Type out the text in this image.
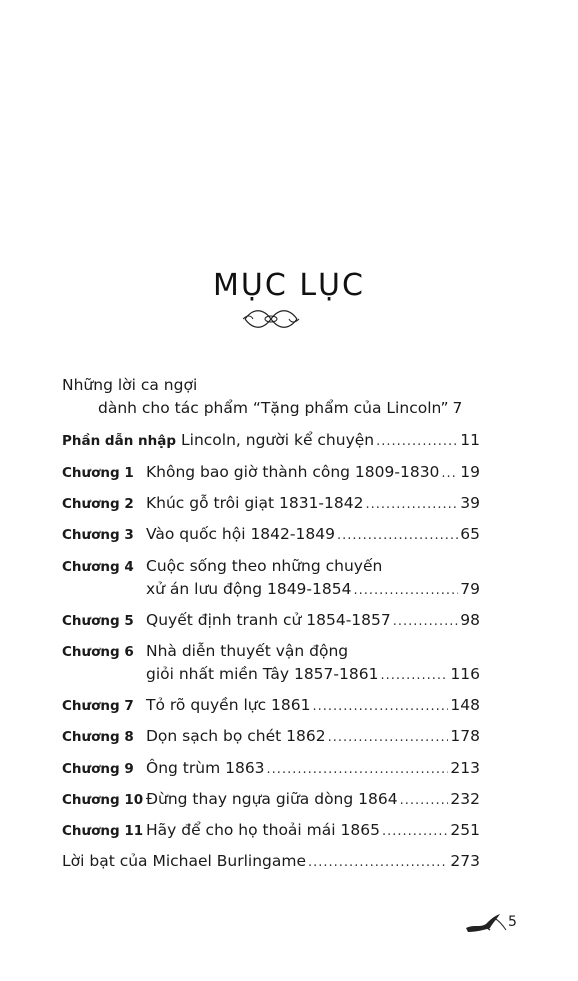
MỤC LỤC
Những lời ca ngợi
dành cho tác phẩm “Tặng phẩm của Lincoln” 7
Phần dẫn nhập Lincoln, người kể chuyện .....	11
Chương 1 Không bao giờ thành công 1809-1830 ..... 19
Chương 2 Khúc gỗ trôi giạt 1831-1842 .....	39
Chương 3 Vào quốc hội 1842-1849 .....	65
Chương 4 Cuộc sống theo những chuyến
xử án lưu động 1849-1854 .....	79
Chương 5 Quyết định tranh cử 1854-1857 .....	98
Chương 6 Nhà diễn thuyết vận động
giỏi nhất miền Tây 1857-1861 .....	116
Chương 7 Tỏ rõ quyền lực 1861 .....	148
Chương 8 Dọn sạch bọ chét 1862 .....	178
Chương 9 Ông trùm 1863 .....	213
Chương 10 Đừng thay ngựa giữa dòng 1864 .....	232
Chương 11 Hãy để cho họ thoải mái 1865 .....	251
Lời bạt của Michael Burlingame .....	273
5
